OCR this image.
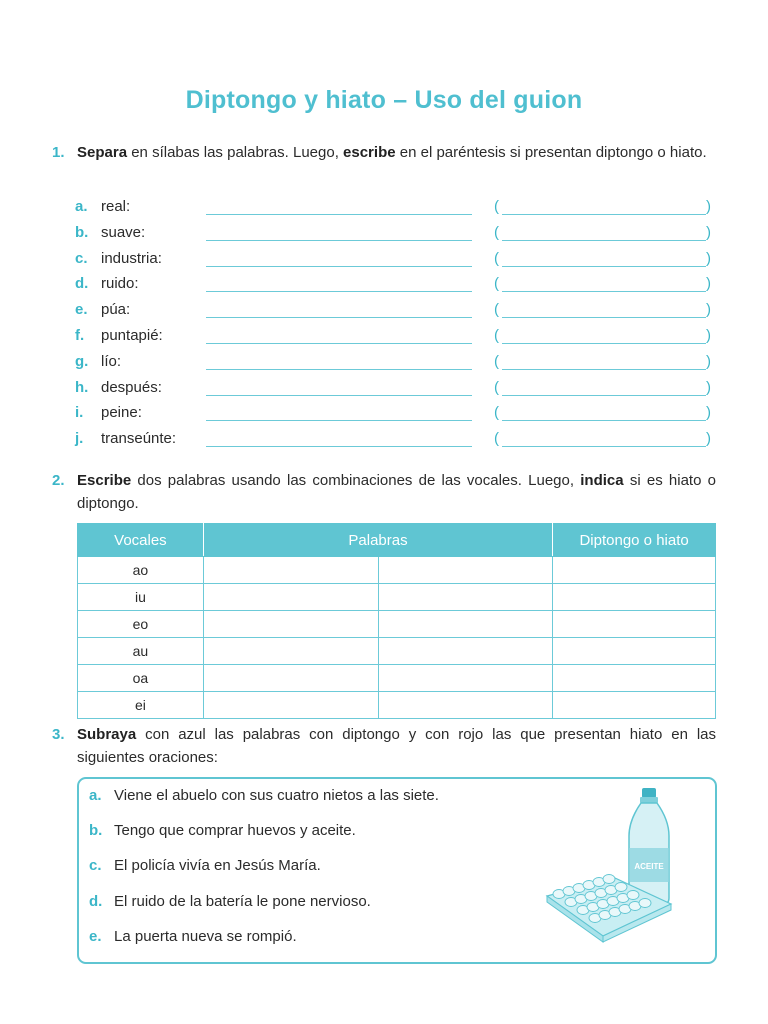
Diptongo y hiato – Uso del guion
1. Separa en sílabas las palabras. Luego, escribe en el paréntesis si presentan diptongo o hiato.
a. real:	(	)
b. suave:	(	)
c. industria:	(	)
d. ruido:	(	)
e. púa:	(	)
f. puntapié:	(	)
g. lío:	(	)
h. después:	(	)
i. peine:	(	)
j. transeúnte:	(	)
2. Escribe dos palabras usando las combinaciones de las vocales. Luego, indica si es hiato o diptongo.
Vocales	Palabras		Diptongo o hiato
ao			
iu			
eo			
au			
oa			
ei			
3. Subraya con azul las palabras con diptongo y con rojo las que presentan hiato en las siguientes oraciones:
a. Viene el abuelo con sus cuatro nietos a las siete.
b. Tengo que comprar huevos y aceite.
c. El policía vivía en Jesús María.
d. El ruido de la batería le pone nervioso.
e. La puerta nueva se rompió.
ACEITE
